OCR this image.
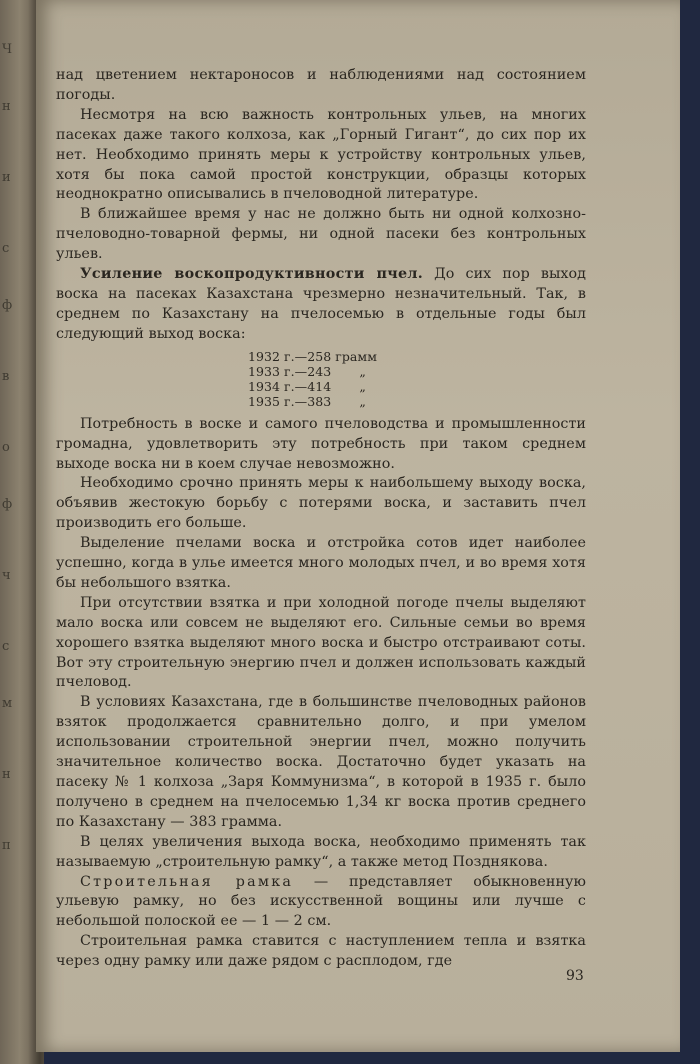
Ч
н
и
с
ф
в
о
ф
ч
с
м
н
п

над цветением нектароносов и наблюдениями над состоянием погоды.

Несмотря на всю важность контрольных ульев, на многих пасеках даже такого колхоза, как „Горный Гигант“, до сих пор их нет. Необходимо принять меры к устройству контрольных ульев, хотя бы пока самой простой конструкции, образцы которых неоднократно описывались в пчеловодной литературе.

В ближайшее время у нас не должно быть ни одной колхозно-пчеловодно-товарной фермы, ни одной пасеки без контрольных ульев.

Усиление воскопродуктивности пчел. До сих пор выход воска на пасеках Казахстана чрезмерно незначительный. Так, в среднем по Казахстану на пчелосемью в отдельные годы был следующий выход воска:

1932 г.—258 грамм
1933 г.—243 „
1934 г.—414 „
1935 г.—383 „

Потребность в воске и самого пчеловодства и промышленности громадна, удовлетворить эту потребность при таком среднем выходе воска ни в коем случае невозможно.

Необходимо срочно принять меры к наибольшему выходу воска, объявив жестокую борьбу с потерями воска, и заставить пчел производить его больше.

Выделение пчелами воска и отстройка сотов идет наиболее успешно, когда в улье имеется много молодых пчел, и во время хотя бы небольшого взятка.

При отсутствии взятка и при холодной погоде пчелы выделяют мало воска или совсем не выделяют его. Сильные семьи во время хорошего взятка выделяют много воска и быстро отстраивают соты. Вот эту строительную энергию пчел и должен использовать каждый пчеловод.

В условиях Казахстана, где в большинстве пчеловодных районов взяток продолжается сравнительно долго, и при умелом использовании строительной энергии пчел, можно получить значительное количество воска. Достаточно будет указать на пасеку № 1 колхоза „Заря Коммунизма“, в которой в 1935 г. было получено в среднем на пчелосемью 1,34 кг воска против среднего по Казахстану — 383 грамма.

В целях увеличения выхода воска, необходимо применять так называемую „строительную рамку“, а также метод Позднякова.

Строительная рамка — представляет обыкновенную ульевую рамку, но без искусственной вощины или лучше с небольшой полоской ее — 1 — 2 см.

Строительная рамка ставится с наступлением тепла и взятка через одну рамку или даже рядом с расплодом, где

93
